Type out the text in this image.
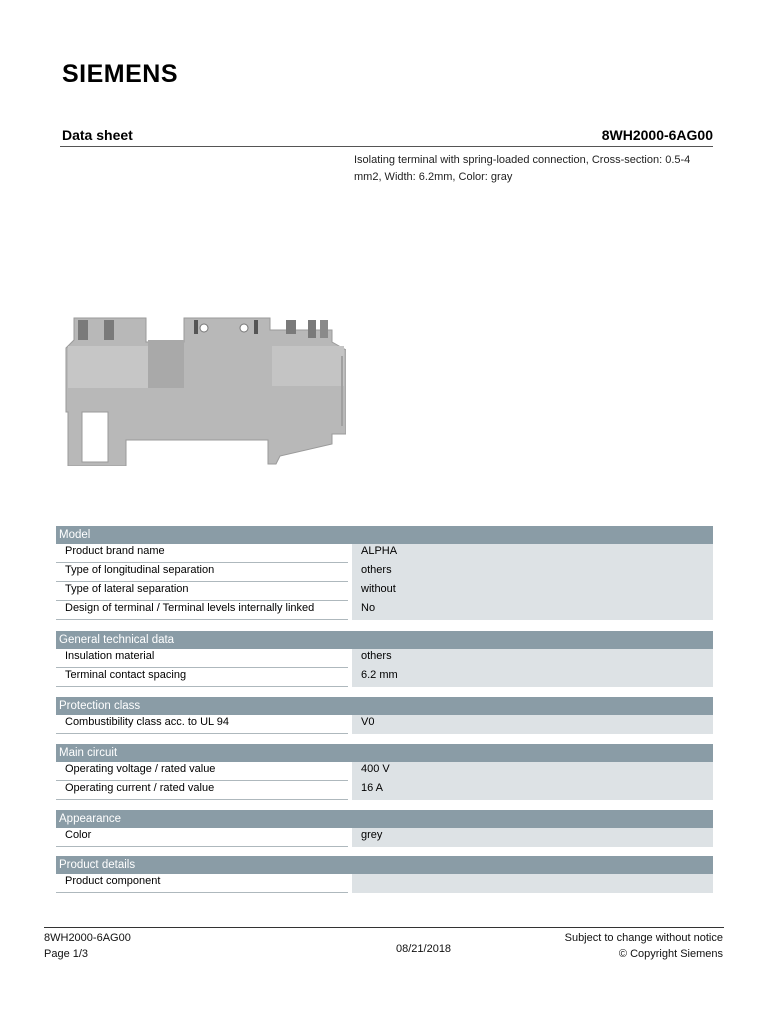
SIEMENS
Data sheet	8WH2000-6AG00
Isolating terminal with spring-loaded connection, Cross-section: 0.5-4 mm2, Width: 6.2mm, Color: gray
Model
Product brand name	ALPHA
Type of longitudinal separation	others
Type of lateral separation	without
Design of terminal / Terminal levels internally linked	No
General technical data
Insulation material	others
Terminal contact spacing	6.2 mm
Protection class
Combustibility class acc. to UL 94	V0
Main circuit
Operating voltage / rated value	400 V
Operating current / rated value	16 A
Appearance
Color	grey
Product details
Product component
8WH2000-6AG00
Page 1/3	08/21/2018
Subject to change without notice
© Copyright Siemens
